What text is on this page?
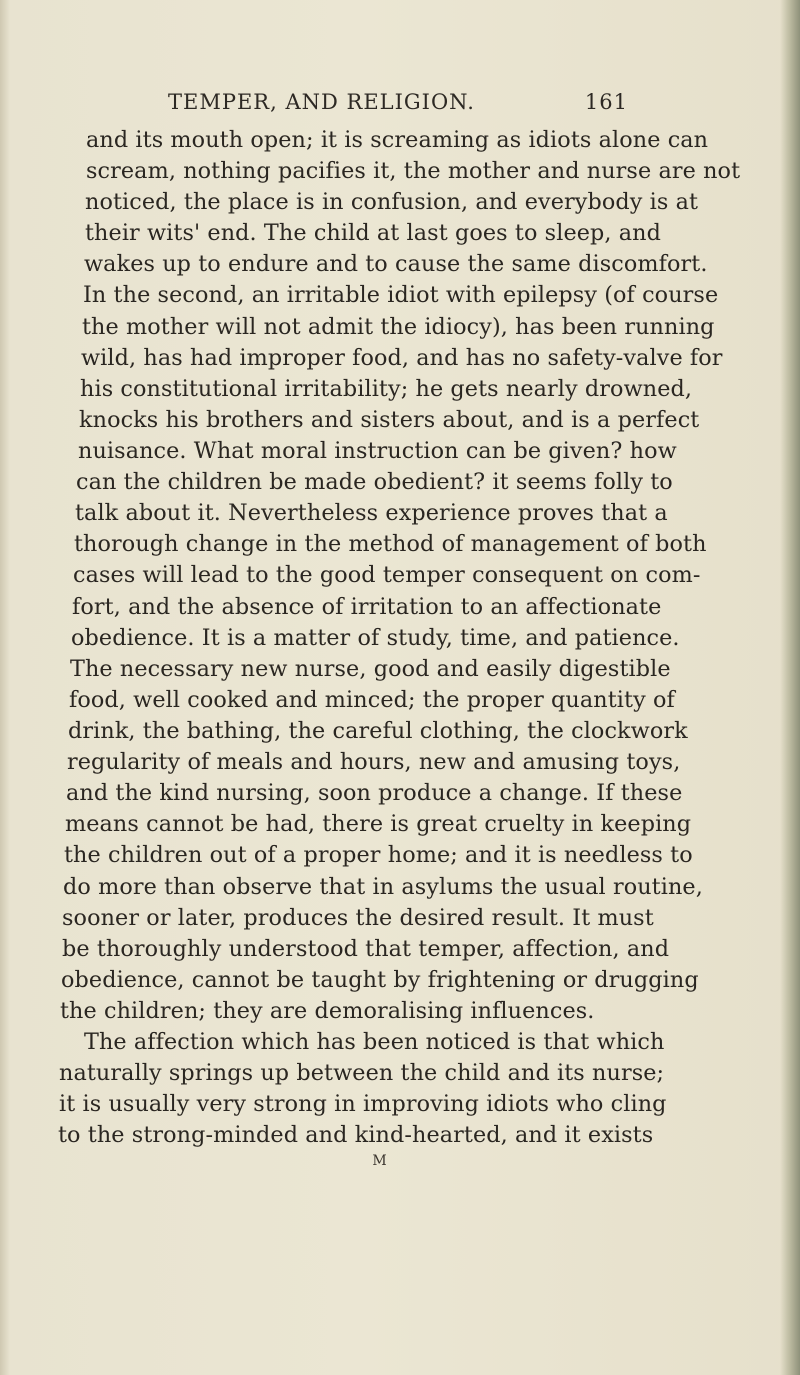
TEMPER, AND RELIGION.	161
and its mouth open; it is screaming as idiots alone can
scream, nothing pacifies it, the mother and nurse are not
noticed, the place is in confusion, and everybody is at
their wits' end. The child at last goes to sleep, and
wakes up to endure and to cause the same discomfort.
In the second, an irritable idiot with epilepsy (of course
the mother will not admit the idiocy), has been running
wild, has had improper food, and has no safety-valve for
his constitutional irritability; he gets nearly drowned,
knocks his brothers and sisters about, and is a perfect
nuisance. What moral instruction can be given? how
can the children be made obedient? it seems folly to
talk about it. Nevertheless experience proves that a
thorough change in the method of management of both
cases will lead to the good temper consequent on com-
fort, and the absence of irritation to an affectionate
obedience. It is a matter of study, time, and patience.
The necessary new nurse, good and easily digestible
food, well cooked and minced; the proper quantity of
drink, the bathing, the careful clothing, the clockwork
regularity of meals and hours, new and amusing toys,
and the kind nursing, soon produce a change. If these
means cannot be had, there is great cruelty in keeping
the children out of a proper home; and it is needless to
do more than observe that in asylums the usual routine,
sooner or later, produces the desired result. It must
be thoroughly understood that temper, affection, and
obedience, cannot be taught by frightening or drugging
the children; they are demoralising influences.
The affection which has been noticed is that which
naturally springs up between the child and its nurse;
it is usually very strong in improving idiots who cling
to the strong-minded and kind-hearted, and it exists
M
